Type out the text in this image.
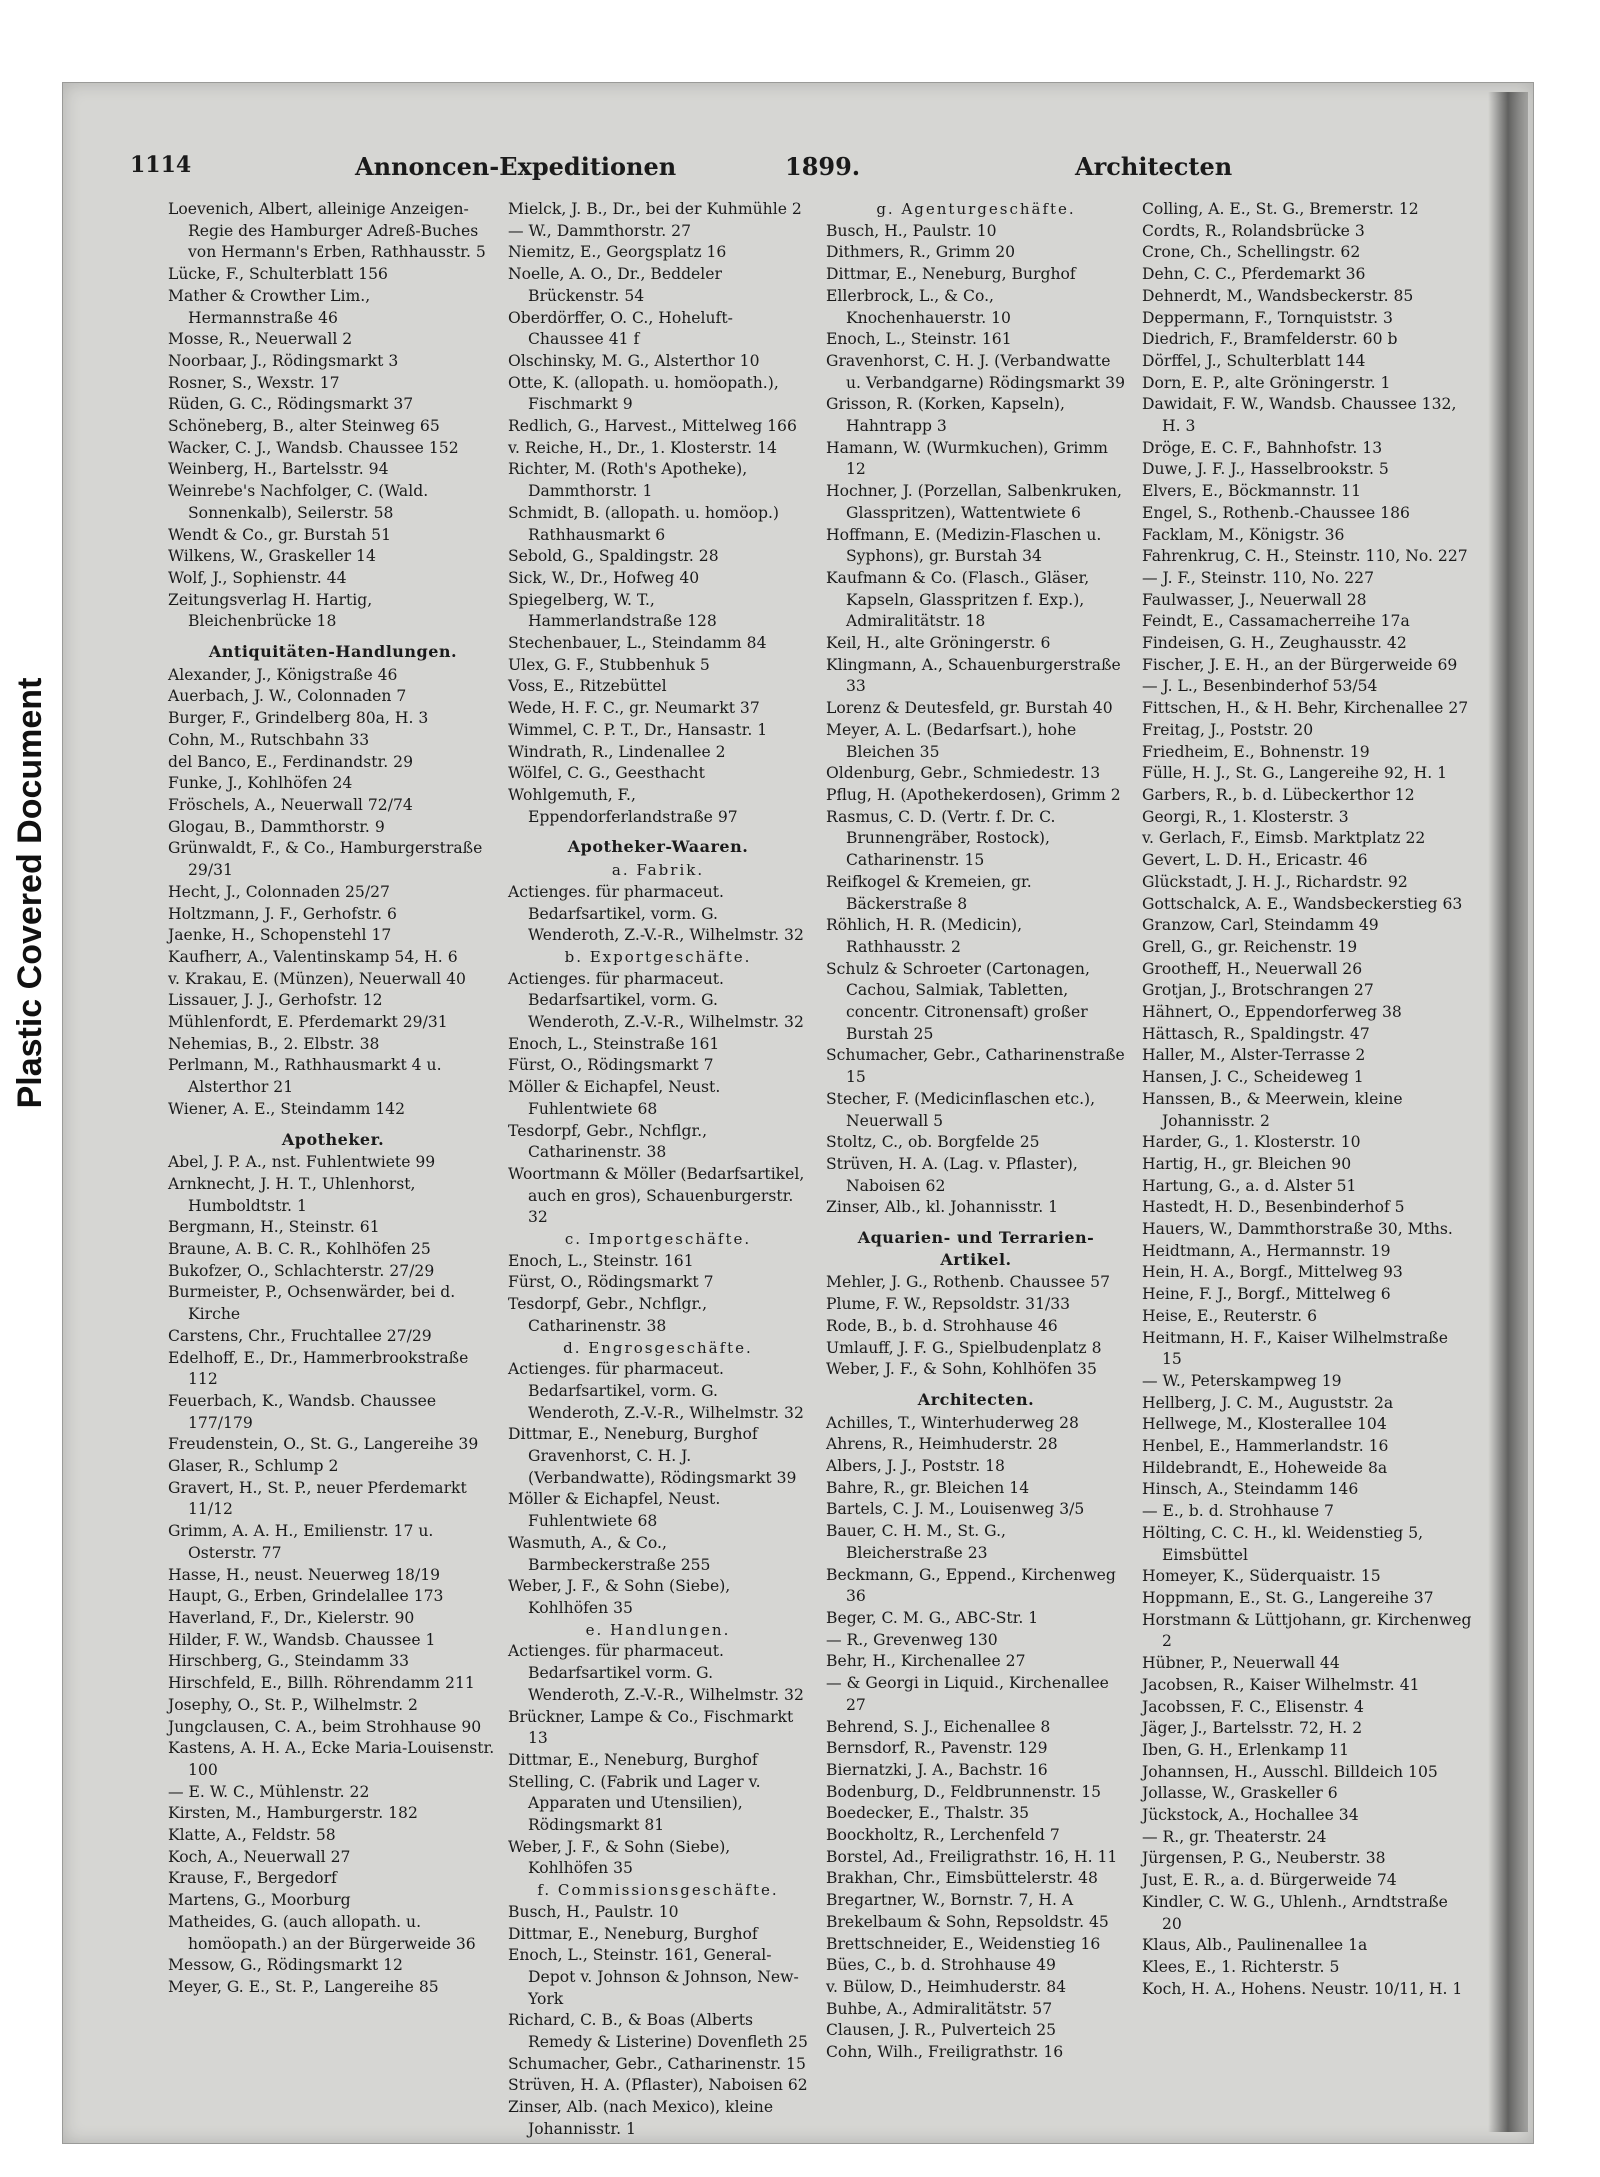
Plastic Covered Document
1114	Annoncen-Expeditionen	1899.	Architecten

Loevenich, Albert, alleinige Anzeigen-Regie des Hamburger Adreß-Buches von Hermann's Erben, Rathhausstr. 5

Lücke, F., Schulterblatt 156

Mather & Crowther Lim., Hermannstraße 46

Mosse, R., Neuerwall 2

Noorbaar, J., Rödingsmarkt 3

Rosner, S., Wexstr. 17

Rüden, G. C., Rödingsmarkt 37

Schöneberg, B., alter Steinweg 65

Wacker, C. J., Wandsb. Chaussee 152

Weinberg, H., Bartelsstr. 94

Weinrebe's Nachfolger, C. (Wald. Sonnenkalb), Seilerstr. 58

Wendt & Co., gr. Burstah 51

Wilkens, W., Graskeller 14

Wolf, J., Sophienstr. 44

Zeitungsverlag H. Hartig, Bleichenbrücke 18

Antiquitäten-Handlungen.

Alexander, J., Königstraße 46

Auerbach, J. W., Colonnaden 7

Burger, F., Grindelberg 80a, H. 3

Cohn, M., Rutschbahn 33

del Banco, E., Ferdinandstr. 29

Funke, J., Kohlhöfen 24

Fröschels, A., Neuerwall 72/74

Glogau, B., Dammthorstr. 9

Grünwaldt, F., & Co., Hamburgerstraße 29/31

Hecht, J., Colonnaden 25/27

Holtzmann, J. F., Gerhofstr. 6

Jaenke, H., Schopenstehl 17

Kaufherr, A., Valentinskamp 54, H. 6

v. Krakau, E. (Münzen), Neuerwall 40

Lissauer, J. J., Gerhofstr. 12

Mühlenfordt, E. Pferdemarkt 29/31

Nehemias, B., 2. Elbstr. 38

Perlmann, M., Rathhausmarkt 4 u. Alsterthor 21

Wiener, A. E., Steindamm 142

Apotheker.

Abel, J. P. A., nst. Fuhlentwiete 99

Arnknecht, J. H. T., Uhlenhorst, Humboldtstr. 1

Bergmann, H., Steinstr. 61

Braune, A. B. C. R., Kohlhöfen 25

Bukofzer, O., Schlachterstr. 27/29

Burmeister, P., Ochsenwärder, bei d. Kirche

Carstens, Chr., Fruchtallee 27/29

Edelhoff, E., Dr., Hammerbrookstraße 112

Feuerbach, K., Wandsb. Chaussee 177/179

Freudenstein, O., St. G., Langereihe 39

Glaser, R., Schlump 2

Gravert, H., St. P., neuer Pferdemarkt 11/12

Grimm, A. A. H., Emilienstr. 17 u. Osterstr. 77

Hasse, H., neust. Neuerweg 18/19

Haupt, G., Erben, Grindelallee 173

Haverland, F., Dr., Kielerstr. 90

Hilder, F. W., Wandsb. Chaussee 1

Hirschberg, G., Steindamm 33

Hirschfeld, E., Billh. Röhrendamm 211

Josephy, O., St. P., Wilhelmstr. 2

Jungclausen, C. A., beim Strohhause 90

Kastens, A. H. A., Ecke Maria-Louisenstr. 100

— E. W. C., Mühlenstr. 22

Kirsten, M., Hamburgerstr. 182

Klatte, A., Feldstr. 58

Koch, A., Neuerwall 27

Krause, F., Bergedorf

Martens, G., Moorburg

Matheides, G. (auch allopath. u. homöopath.) an der Bürgerweide 36

Messow, G., Rödingsmarkt 12

Meyer, G. E., St. P., Langereihe 85

Mielck, J. B., Dr., bei der Kuhmühle 2

— W., Dammthorstr. 27

Niemitz, E., Georgsplatz 16

Noelle, A. O., Dr., Beddeler Brückenstr. 54

Oberdörffer, O. C., Hoheluft-Chaussee 41 f

Olschinsky, M. G., Alsterthor 10

Otte, K. (allopath. u. homöopath.), Fischmarkt 9

Redlich, G., Harvest., Mittelweg 166

v. Reiche, H., Dr., 1. Klosterstr. 14

Richter, M. (Roth's Apotheke), Dammthorstr. 1

Schmidt, B. (allopath. u. homöop.) Rathhausmarkt 6

Sebold, G., Spaldingstr. 28

Sick, W., Dr., Hofweg 40

Spiegelberg, W. T., Hammerlandstraße 128

Stechenbauer, L., Steindamm 84

Ulex, G. F., Stubbenhuk 5

Voss, E., Ritzebüttel

Wede, H. F. C., gr. Neumarkt 37

Wimmel, C. P. T., Dr., Hansastr. 1

Windrath, R., Lindenallee 2

Wölfel, C. G., Geesthacht

Wohlgemuth, F., Eppendorferlandstraße 97

Apotheker-Waaren.

a. Fabrik.

Actienges. für pharmaceut. Bedarfsartikel, vorm. G. Wenderoth, Z.-V.-R., Wilhelmstr. 32

b. Exportgeschäfte.

Actienges. für pharmaceut. Bedarfsartikel, vorm. G. Wenderoth, Z.-V.-R., Wilhelmstr. 32

Enoch, L., Steinstraße 161

Fürst, O., Rödingsmarkt 7

Möller & Eichapfel, Neust. Fuhlentwiete 68

Tesdorpf, Gebr., Nchflgr., Catharinenstr. 38

Woortmann & Möller (Bedarfsartikel, auch en gros), Schauenburgerstr. 32

c. Importgeschäfte.

Enoch, L., Steinstr. 161

Fürst, O., Rödingsmarkt 7

Tesdorpf, Gebr., Nchflgr., Catharinenstr. 38

d. Engrosgeschäfte.

Actienges. für pharmaceut. Bedarfsartikel, vorm. G. Wenderoth, Z.-V.-R., Wilhelmstr. 32

Dittmar, E., Neneburg, Burghof Gravenhorst, C. H. J. (Verbandwatte), Rödingsmarkt 39

Möller & Eichapfel, Neust. Fuhlentwiete 68

Wasmuth, A., & Co., Barmbeckerstraße 255

Weber, J. F., & Sohn (Siebe), Kohlhöfen 35

e. Handlungen.

Actienges. für pharmaceut. Bedarfsartikel vorm. G. Wenderoth, Z.-V.-R., Wilhelmstr. 32

Brückner, Lampe & Co., Fischmarkt 13

Dittmar, E., Neneburg, Burghof

Stelling, C. (Fabrik und Lager v. Apparaten und Utensilien), Rödingsmarkt 81

Weber, J. F., & Sohn (Siebe), Kohlhöfen 35

f. Commissionsgeschäfte.

Busch, H., Paulstr. 10

Dittmar, E., Neneburg, Burghof

Enoch, L., Steinstr. 161, General-Depot v. Johnson & Johnson, New-York

Richard, C. B., & Boas (Alberts Remedy & Listerine) Dovenfleth 25

Schumacher, Gebr., Catharinenstr. 15

Strüven, H. A. (Pflaster), Naboisen 62

Zinser, Alb. (nach Mexico), kleine Johannisstr. 1

g. Agenturgeschäfte.

Busch, H., Paulstr. 10

Dithmers, R., Grimm 20

Dittmar, E., Neneburg, Burghof

Ellerbrock, L., & Co., Knochenhauerstr. 10

Enoch, L., Steinstr. 161

Gravenhorst, C. H. J. (Verbandwatte u. Verbandgarne) Rödingsmarkt 39

Grisson, R. (Korken, Kapseln), Hahntrapp 3

Hamann, W. (Wurmkuchen), Grimm 12

Hochner, J. (Porzellan, Salbenkruken, Glasspritzen), Wattentwiete 6

Hoffmann, E. (Medizin-Flaschen u. Syphons), gr. Burstah 34

Kaufmann & Co. (Flasch., Gläser, Kapseln, Glasspritzen f. Exp.), Admiralitätstr. 18

Keil, H., alte Gröningerstr. 6

Klingmann, A., Schauenburgerstraße 33

Lorenz & Deutesfeld, gr. Burstah 40

Meyer, A. L. (Bedarfsart.), hohe Bleichen 35

Oldenburg, Gebr., Schmiedestr. 13

Pflug, H. (Apothekerdosen), Grimm 2

Rasmus, C. D. (Vertr. f. Dr. C. Brunnengräber, Rostock), Catharinenstr. 15

Reifkogel & Kremeien, gr. Bäckerstraße 8

Röhlich, H. R. (Medicin), Rathhausstr. 2

Schulz & Schroeter (Cartonagen, Cachou, Salmiak, Tabletten, concentr. Citronensaft) großer Burstah 25

Schumacher, Gebr., Catharinenstraße 15

Stecher, F. (Medicinflaschen etc.), Neuerwall 5

Stoltz, C., ob. Borgfelde 25

Strüven, H. A. (Lag. v. Pflaster), Naboisen 62

Zinser, Alb., kl. Johannisstr. 1

Aquarien- und Terrarien-Artikel.

Mehler, J. G., Rothenb. Chaussee 57

Plume, F. W., Repsoldstr. 31/33

Rode, B., b. d. Strohhause 46

Umlauff, J. F. G., Spielbudenplatz 8

Weber, J. F., & Sohn, Kohlhöfen 35

Architecten.

Achilles, T., Winterhuderweg 28

Ahrens, R., Heimhuderstr. 28

Albers, J. J., Poststr. 18

Bahre, R., gr. Bleichen 14

Bartels, C. J. M., Louisenweg 3/5

Bauer, C. H. M., St. G., Bleicherstraße 23

Beckmann, G., Eppend., Kirchenweg 36

Beger, C. M. G., ABC-Str. 1

— R., Grevenweg 130

Behr, H., Kirchenallee 27

— & Georgi in Liquid., Kirchenallee 27

Behrend, S. J., Eichenallee 8

Bernsdorf, R., Pavenstr. 129

Biernatzki, J. A., Bachstr. 16

Bodenburg, D., Feldbrunnenstr. 15

Boedecker, E., Thalstr. 35

Boockholtz, R., Lerchenfeld 7

Borstel, Ad., Freiligrathstr. 16, H. 11

Brakhan, Chr., Eimsbüttelerstr. 48

Bregartner, W., Bornstr. 7, H. A

Brekelbaum & Sohn, Repsoldstr. 45

Brettschneider, E., Weidenstieg 16

Bües, C., b. d. Strohhause 49

v. Bülow, D., Heimhuderstr. 84

Buhbe, A., Admiralitätstr. 57

Clausen, J. R., Pulverteich 25

Cohn, Wilh., Freiligrathstr. 16

Colling, A. E., St. G., Bremerstr. 12

Cordts, R., Rolandsbrücke 3

Crone, Ch., Schellingstr. 62

Dehn, C. C., Pferdemarkt 36

Dehnerdt, M., Wandsbeckerstr. 85

Deppermann, F., Tornquiststr. 3

Diedrich, F., Bramfelderstr. 60 b

Dörffel, J., Schulterblatt 144

Dorn, E. P., alte Gröningerstr. 1

Dawidait, F. W., Wandsb. Chaussee 132, H. 3

Dröge, E. C. F., Bahnhofstr. 13

Duwe, J. F. J., Hasselbrookstr. 5

Elvers, E., Böckmannstr. 11

Engel, S., Rothenb.-Chaussee 186

Facklam, M., Königstr. 36

Fahrenkrug, C. H., Steinstr. 110, No. 227

— J. F., Steinstr. 110, No. 227

Faulwasser, J., Neuerwall 28

Feindt, E., Cassamacherreihe 17a

Findeisen, G. H., Zeughausstr. 42

Fischer, J. E. H., an der Bürgerweide 69

— J. L., Besenbinderhof 53/54

Fittschen, H., & H. Behr, Kirchenallee 27

Freitag, J., Poststr. 20

Friedheim, E., Bohnenstr. 19

Fülle, H. J., St. G., Langereihe 92, H. 1

Garbers, R., b. d. Lübeckerthor 12

Georgi, R., 1. Klosterstr. 3

v. Gerlach, F., Eimsb. Marktplatz 22

Gevert, L. D. H., Ericastr. 46

Glückstadt, J. H. J., Richardstr. 92

Gottschalck, A. E., Wandsbeckerstieg 63

Granzow, Carl, Steindamm 49

Grell, G., gr. Reichenstr. 19

Grootheff, H., Neuerwall 26

Grotjan, J., Brotschrangen 27

Hähnert, O., Eppendorferweg 38

Hättasch, R., Spaldingstr. 47

Haller, M., Alster-Terrasse 2

Hansen, J. C., Scheideweg 1

Hanssen, B., & Meerwein, kleine Johannisstr. 2

Harder, G., 1. Klosterstr. 10

Hartig, H., gr. Bleichen 90

Hartung, G., a. d. Alster 51

Hastedt, H. D., Besenbinderhof 5

Hauers, W., Dammthorstraße 30, Mths.

Heidtmann, A., Hermannstr. 19

Hein, H. A., Borgf., Mittelweg 93

Heine, F. J., Borgf., Mittelweg 6

Heise, E., Reuterstr. 6

Heitmann, H. F., Kaiser Wilhelmstraße 15

— W., Peterskampweg 19

Hellberg, J. C. M., Auguststr. 2a

Hellwege, M., Klosterallee 104

Henbel, E., Hammerlandstr. 16

Hildebrandt, E., Hoheweide 8a

Hinsch, A., Steindamm 146

— E., b. d. Strohhause 7

Hölting, C. C. H., kl. Weidenstieg 5, Eimsbüttel

Homeyer, K., Süderquaistr. 15

Hoppmann, E., St. G., Langereihe 37

Horstmann & Lüttjohann, gr. Kirchenweg 2

Hübner, P., Neuerwall 44

Jacobsen, R., Kaiser Wilhelmstr. 41

Jacobssen, F. C., Elisenstr. 4

Jäger, J., Bartelsstr. 72, H. 2

Iben, G. H., Erlenkamp 11

Johannsen, H., Ausschl. Billdeich 105

Jollasse, W., Graskeller 6

Jückstock, A., Hochallee 34

— R., gr. Theaterstr. 24

Jürgensen, P. G., Neuberstr. 38

Just, E. R., a. d. Bürgerweide 74

Kindler, C. W. G., Uhlenh., Arndtstraße 20

Klaus, Alb., Paulinenallee 1a

Klees, E., 1. Richterstr. 5

Koch, H. A., Hohens. Neustr. 10/11, H. 1
